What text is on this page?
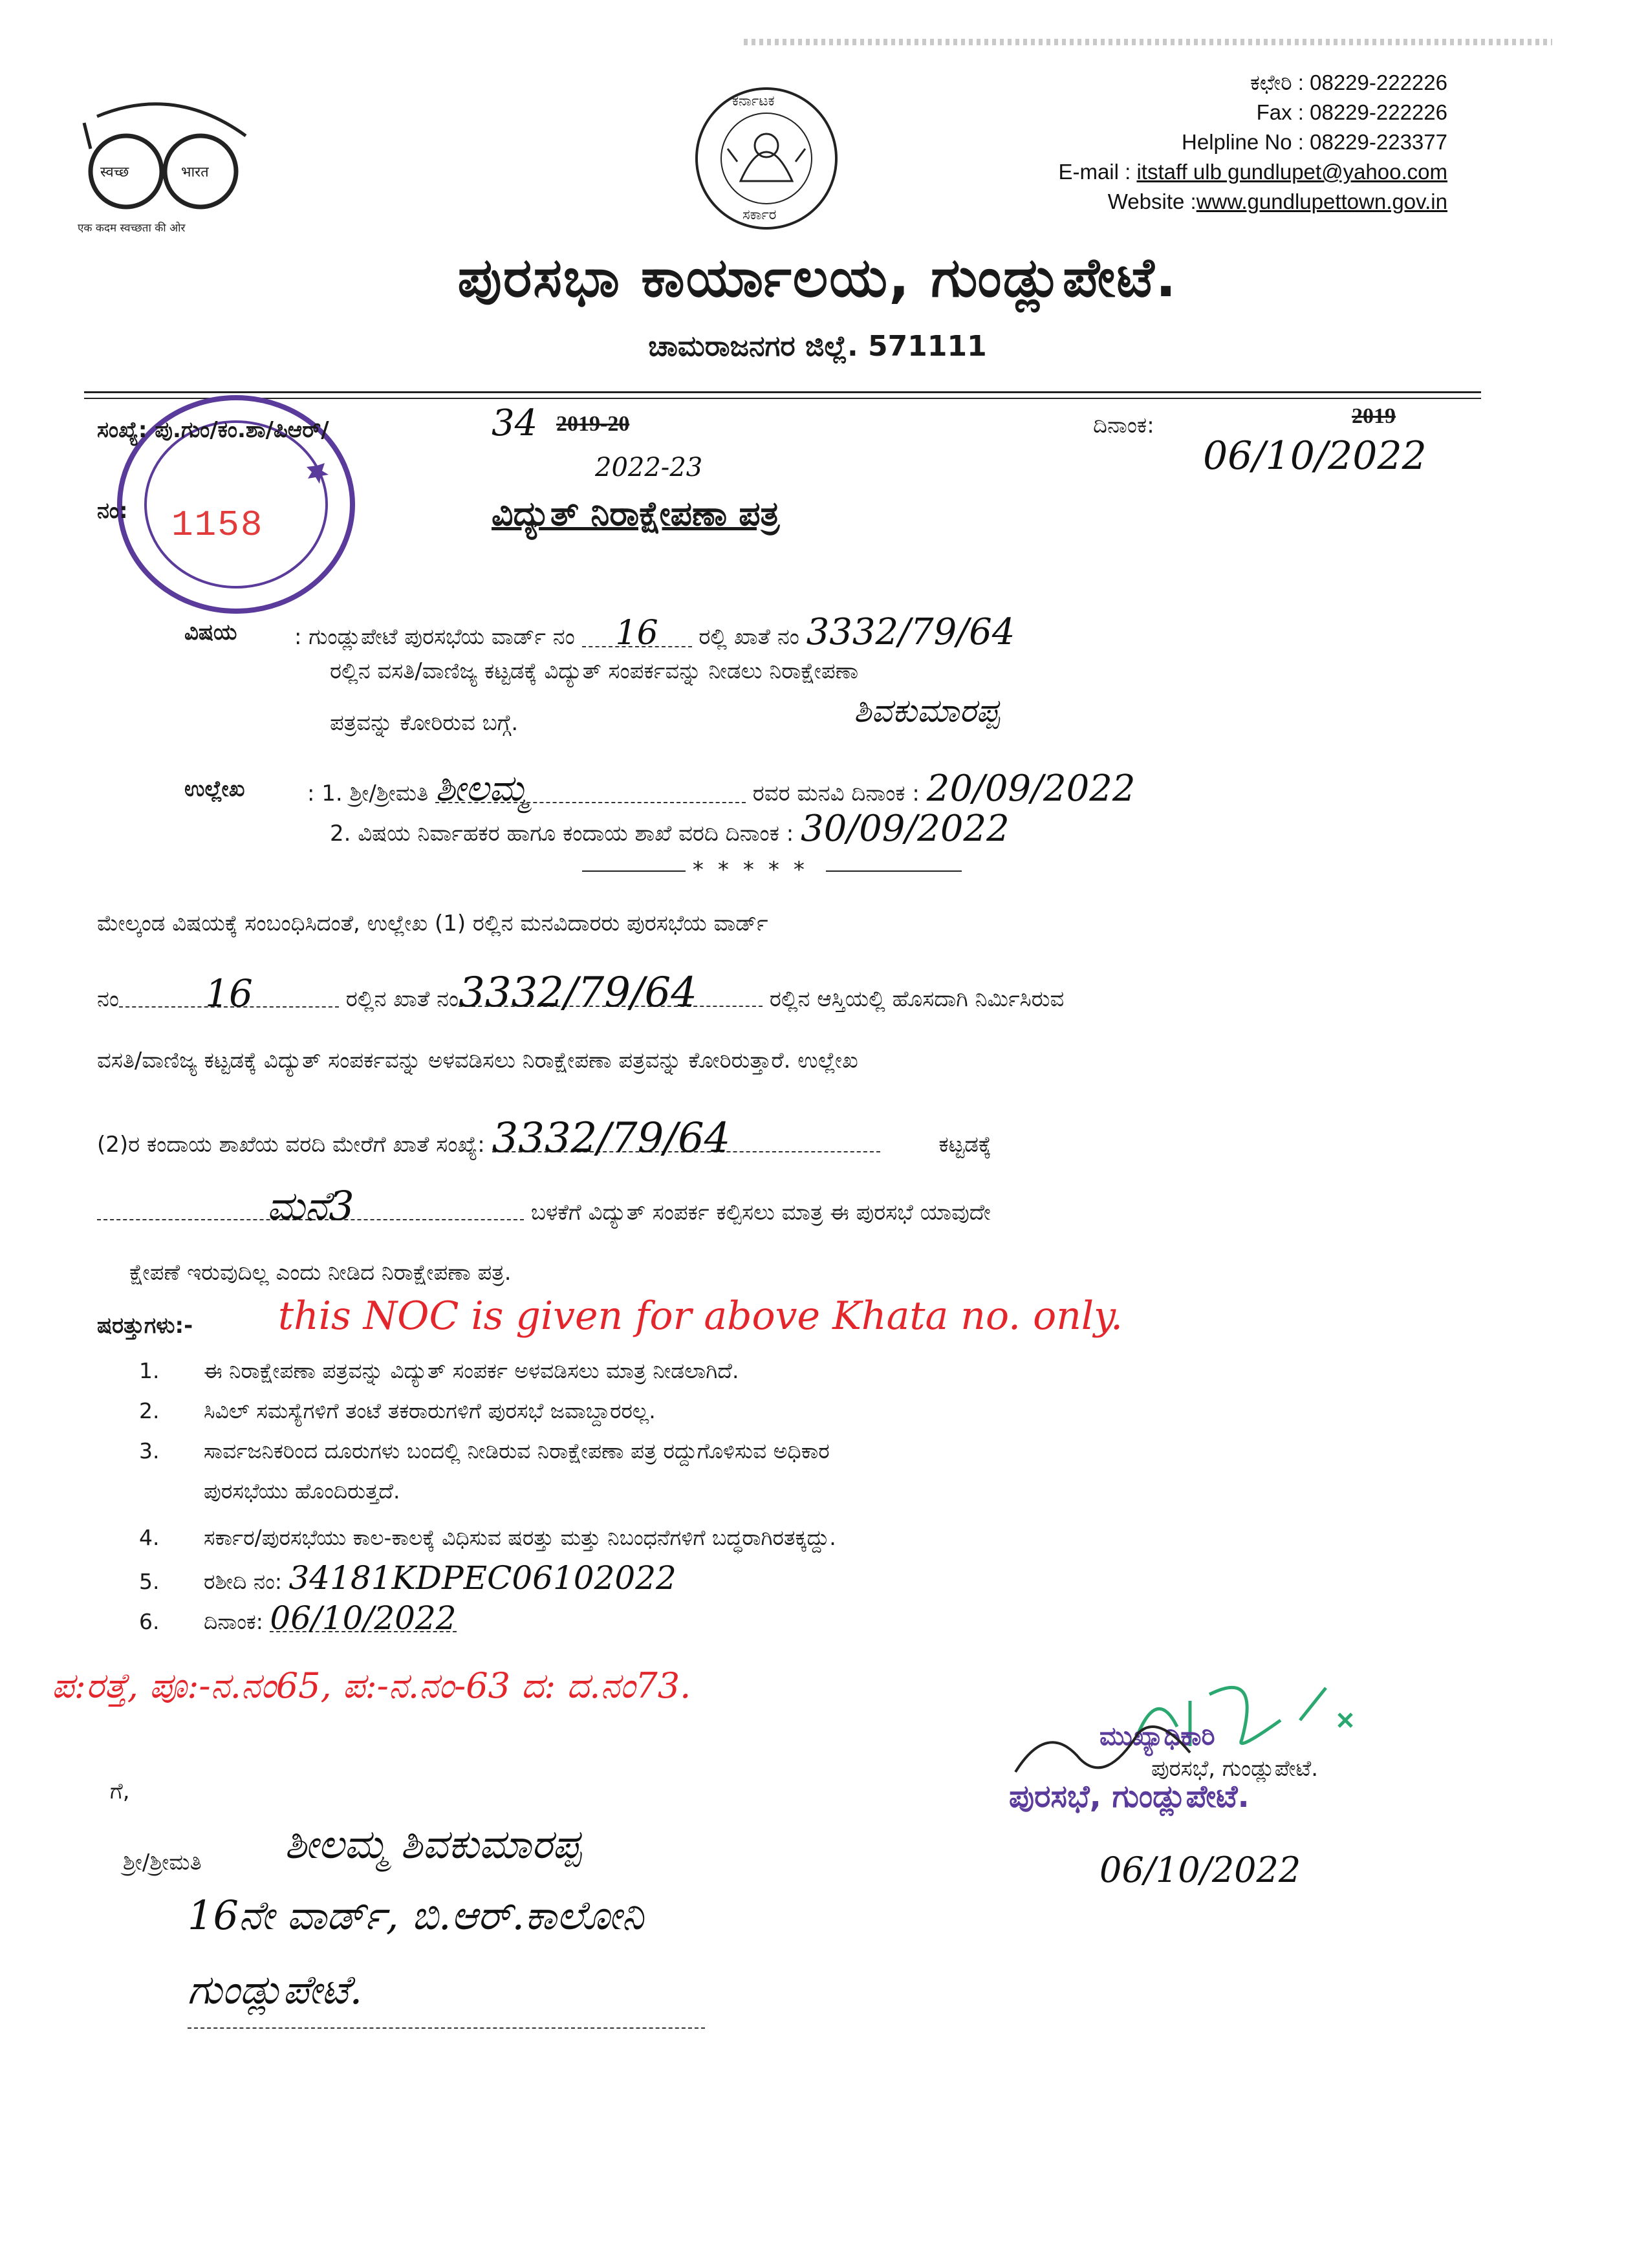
स्वच्छ	भारत
एक कदम स्वच्छता की ओर
ಕರ್ನಾಟಕ
ಸರ್ಕಾರ
ಕಛೇರಿ : 08229-222226
Fax : 08229-222226
Helpline No : 08229-223377
E-mail : itstaff ulb gundlupet@yahoo.com
Website :www.gundlupettown.gov.in
ಪುರಸಭಾ ಕಾರ್ಯಾಲಯ, ಗುಂಡ್ಲುಪೇಟೆ.
ಚಾಮರಾಜನಗರ ಜಿಲ್ಲೆ. 571111
ಸಂಖ್ಯೆ: ಪು.ಗುಂ/ಕಂ.ಶಾ/ಪಿಆರ್/	34 2019-20
2022-23
ದಿನಾಂಕ:	2019
06/10/2022
ನಂ: 1158	ವಿದ್ಯುತ್ ನಿರಾಕ್ಷೇಪಣಾ ಪತ್ರ
ವಿಷಯ	: ಗುಂಡ್ಲುಪೇಟೆ ಪುರಸಭೆಯ ವಾರ್ಡ್ ನಂ 16 ರಲ್ಲಿ ಖಾತೆ ನಂ 3332/79/64
ರಲ್ಲಿನ ವಸತಿ/ವಾಣಿಜ್ಯ ಕಟ್ಟಡಕ್ಕೆ ವಿದ್ಯುತ್ ಸಂಪರ್ಕವನ್ನು ನೀಡಲು ನಿರಾಕ್ಷೇಪಣಾ
ಪತ್ರವನ್ನು ಕೋರಿರುವ ಬಗ್ಗೆ.	ಶಿವಕುಮಾರಪ್ಪ
ಉಲ್ಲೇಖ	: 1. ಶ್ರೀ/ಶ್ರೀಮತಿ ಶೀಲಮ್ಮ	ರವರ ಮನವಿ ದಿನಾಂಕ : 20/09/2022
2. ವಿಷಯ ನಿರ್ವಾಹಕರ ಹಾಗೂ ಕಂದಾಯ ಶಾಖೆ ವರದಿ ದಿನಾಂಕ : 30/09/2022
*****
ಮೇಲ್ಕಂಡ ವಿಷಯಕ್ಕೆ ಸಂಬಂಧಿಸಿದಂತೆ, ಉಲ್ಲೇಖ (1) ರಲ್ಲಿನ ಮನವಿದಾರರು ಪುರಸಭೆಯ ವಾರ್ಡ್
ನಂ 16	ರಲ್ಲಿನ ಖಾತೆ ನಂ3332/79/64	ರಲ್ಲಿನ ಆಸ್ತಿಯಲ್ಲಿ ಹೊಸದಾಗಿ ನಿರ್ಮಿಸಿರುವ
ವಸತಿ/ವಾಣಿಜ್ಯ ಕಟ್ಟಡಕ್ಕೆ ವಿದ್ಯುತ್ ಸಂಪರ್ಕವನ್ನು ಅಳವಡಿಸಲು ನಿರಾಕ್ಷೇಪಣಾ ಪತ್ರವನ್ನು ಕೋರಿರುತ್ತಾರೆ. ಉಲ್ಲೇಖ
(2)ರ ಕಂದಾಯ ಶಾಖೆಯ ವರದಿ ಮೇರೆಗೆ ಖಾತೆ ಸಂಖ್ಯೆ: 3332/79/64	ಕಟ್ಟಡಕ್ಕೆ
ಮನೆ3	ಬಳಕೆಗೆ ವಿದ್ಯುತ್ ಸಂಪರ್ಕ ಕಲ್ಪಿಸಲು ಮಾತ್ರ ಈ ಪುರಸಭೆ ಯಾವುದೇ
ಕ್ಷೇಪಣೆ ಇರುವುದಿಲ್ಲ ಎಂದು ನೀಡಿದ ನಿರಾಕ್ಷೇಪಣಾ ಪತ್ರ.
ಷರತ್ತುಗಳು:- this NOC is given for above Khata no. only.
1. ಈ ನಿರಾಕ್ಷೇಪಣಾ ಪತ್ರವನ್ನು ವಿದ್ಯುತ್ ಸಂಪರ್ಕ ಅಳವಡಿಸಲು ಮಾತ್ರ ನೀಡಲಾಗಿದೆ.
2. ಸಿವಿಲ್ ಸಮಸ್ಯೆಗಳಿಗೆ ತಂಟೆ ತಕರಾರುಗಳಿಗೆ ಪುರಸಭೆ ಜವಾಬ್ದಾರರಲ್ಲ.
3. ಸಾರ್ವಜನಿಕರಿಂದ ದೂರುಗಳು ಬಂದಲ್ಲಿ ನೀಡಿರುವ ನಿರಾಕ್ಷೇಪಣಾ ಪತ್ರ ರದ್ದುಗೊಳಿಸುವ ಅಧಿಕಾರ
ಪುರಸಭೆಯು ಹೊಂದಿರುತ್ತದೆ.
4. ಸರ್ಕಾರ/ಪುರಸಭೆಯು ಕಾಲ-ಕಾಲಕ್ಕೆ ವಿಧಿಸುವ ಷರತ್ತು ಮತ್ತು ನಿಬಂಧನೆಗಳಿಗೆ ಬದ್ಧರಾಗಿರತಕ್ಕದ್ದು.
5. ರಶೀದಿ ನಂ: 34181KDPEC06102022
6. ದಿನಾಂಕ: 06/10/2022
ಪ:ರತ್ತೆ, ಪೂ:-ನ.ನಂ65, ಪ:-ನ.ನಂ-63 ದ: ದ.ನಂ73.
ಮುಖ್ಯಾಧಿಕಾರಿ
ಪುರಸಭೆ, ಗುಂಡ್ಲುಪೇಟೆ.
ಪುರಸಭೆ, ಗುಂಡ್ಲುಪೇಟೆ.
06/10/2022
ಗೆ,
ಶ್ರೀ/ಶ್ರೀಮತಿ ಶೀಲಮ್ಮ ಶಿವಕುಮಾರಪ್ಪ
16ನೇ ವಾರ್ಡ್, ಬಿ.ಆರ್.ಕಾಲೋನಿ
ಗುಂಡ್ಲುಪೇಟೆ.
